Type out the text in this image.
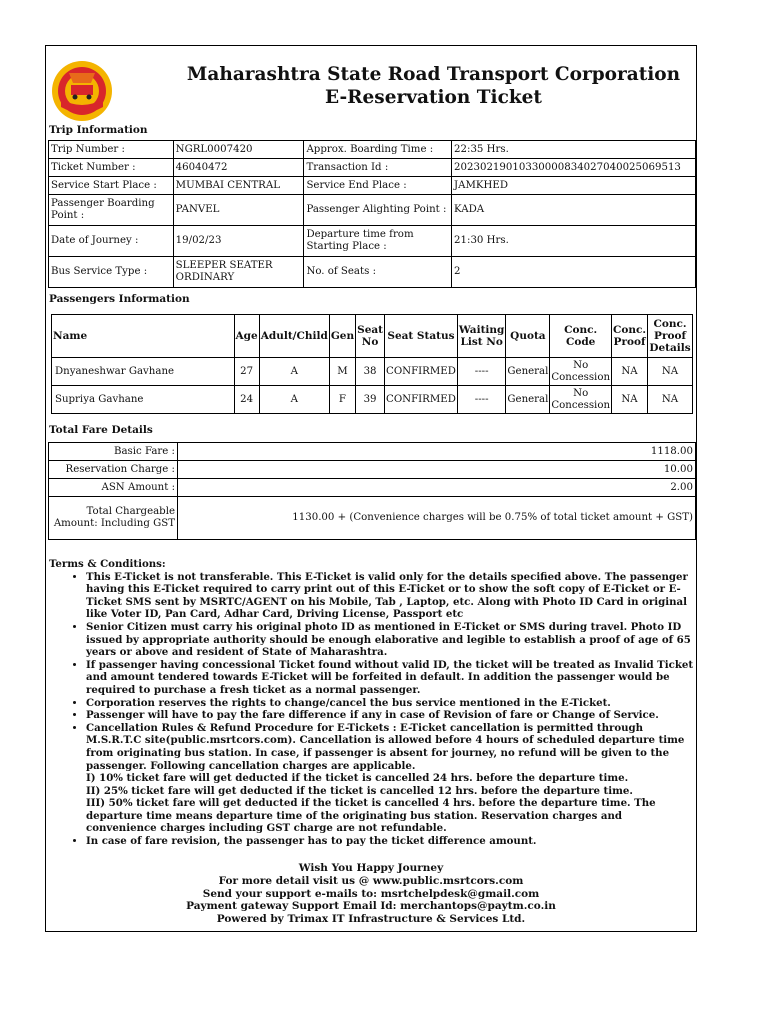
Maharashtra State Road Transport Corporation
E-Reservation Ticket
Trip Information
Trip Number :	NGRL0007420	Approx. Boarding Time :	22:35 Hrs.
Ticket Number :	46040472	Transaction Id :	20230219010330000834027040025069513
Service Start Place :	MUMBAI CENTRAL	Service End Place :	JAMKHED
Passenger Boarding Point :	PANVEL	Passenger Alighting Point :	KADA
Date of Journey :	19/02/23	Departure time from Starting Place :	21:30 Hrs.
Bus Service Type :	SLEEPER SEATER ORDINARY	No. of Seats :	2
Passengers Information
Name	Age	Adult/Child	Gen	Seat No	Seat Status	Waiting List No	Quota	Conc. Code	Conc. Proof	Conc. Proof Details
Dnyaneshwar Gavhane	27	A	M	38	CONFIRMED	----	General	No Concession	NA	NA
Supriya Gavhane	24	A	F	39	CONFIRMED	----	General	No Concession	NA	NA
Total Fare Details
Basic Fare :	1118.00
Reservation Charge :	10.00
ASN Amount :	2.00
Total Chargeable Amount: Including GST	1130.00 + (Convenience charges will be 0.75% of total ticket amount + GST)
Terms & Conditions:
• This E-Ticket is not transferable. This E-Ticket is valid only for the details specified above. The passenger having this E-Ticket required to carry print out of this E-Ticket or to show the soft copy of E-Ticket or E-Ticket SMS sent by MSRTC/AGENT on his Mobile, Tab , Laptop, etc. Along with Photo ID Card in original like Voter ID, Pan Card, Adhar Card, Driving License, Passport etc
• Senior Citizen must carry his original photo ID as mentioned in E-Ticket or SMS during travel. Photo ID issued by appropriate authority should be enough elaborative and legible to establish a proof of age of 65 years or above and resident of State of Maharashtra.
• If passenger having concessional Ticket found without valid ID, the ticket will be treated as Invalid Ticket and amount tendered towards E-Ticket will be forfeited in default. In addition the passenger would be required to purchase a fresh ticket as a normal passenger.
• Corporation reserves the rights to change/cancel the bus service mentioned in the E-Ticket.
• Passenger will have to pay the fare difference if any in case of Revision of fare or Change of Service.
• Cancellation Rules & Refund Procedure for E-Tickets : E-Ticket cancellation is permitted through M.S.R.T.C site(public.msrtcors.com). Cancellation is allowed before 4 hours of scheduled departure time from originating bus station. In case, if passenger is absent for journey, no refund will be given to the passenger. Following cancellation charges are applicable.
I) 10% ticket fare will get deducted if the ticket is cancelled 24 hrs. before the departure time.
II) 25% ticket fare will get deducted if the ticket is cancelled 12 hrs. before the departure time.
III) 50% ticket fare will get deducted if the ticket is cancelled 4 hrs. before the departure time. The departure time means departure time of the originating bus station. Reservation charges and convenience charges including GST charge are not refundable.
• In case of fare revision, the passenger has to pay the ticket difference amount.
Wish You Happy Journey
For more detail visit us @ www.public.msrtcors.com
Send your support e-mails to: msrtchelpdesk@gmail.com
Payment gateway Support Email Id: merchantops@paytm.co.in
Powered by Trimax IT Infrastructure & Services Ltd.
